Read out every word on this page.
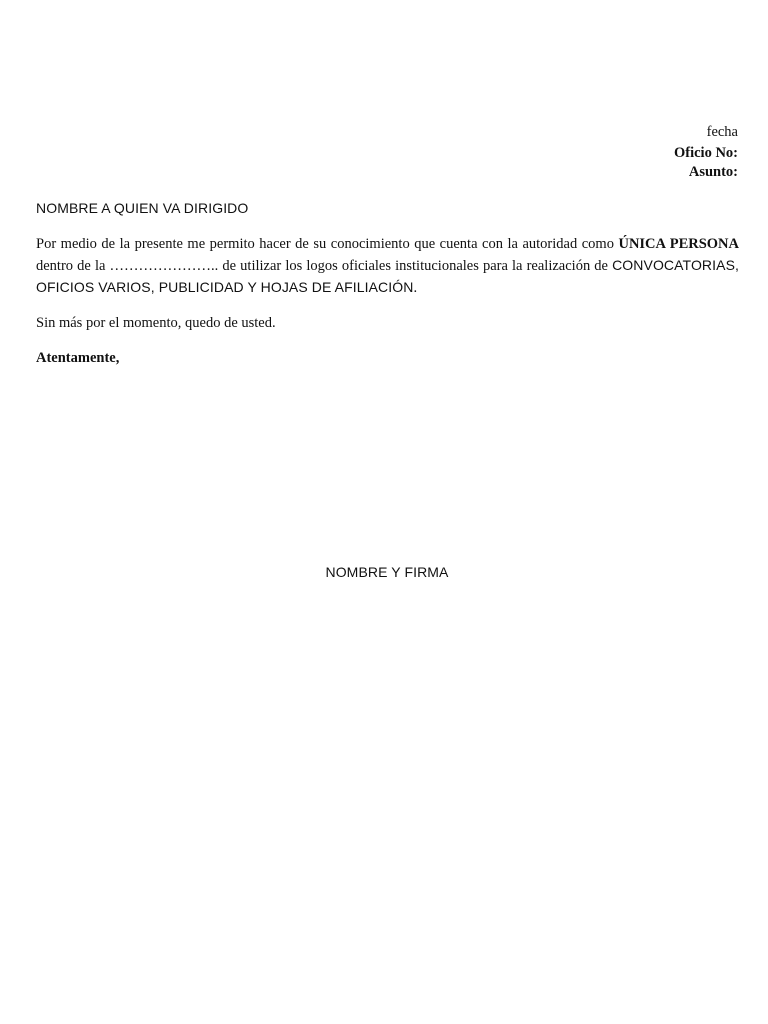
fecha
Oficio No:
Asunto:
NOMBRE A QUIEN VA DIRIGIDO
Por medio de la presente me permito hacer de su conocimiento que cuenta con la autoridad como ÚNICA PERSONA dentro de la ………………….. de utilizar los logos oficiales institucionales para la realización de CONVOCATORIAS, OFICIOS VARIOS, PUBLICIDAD Y HOJAS DE AFILIACIÓN.
Sin más por el momento, quedo de usted.
Atentamente,
NOMBRE Y FIRMA
